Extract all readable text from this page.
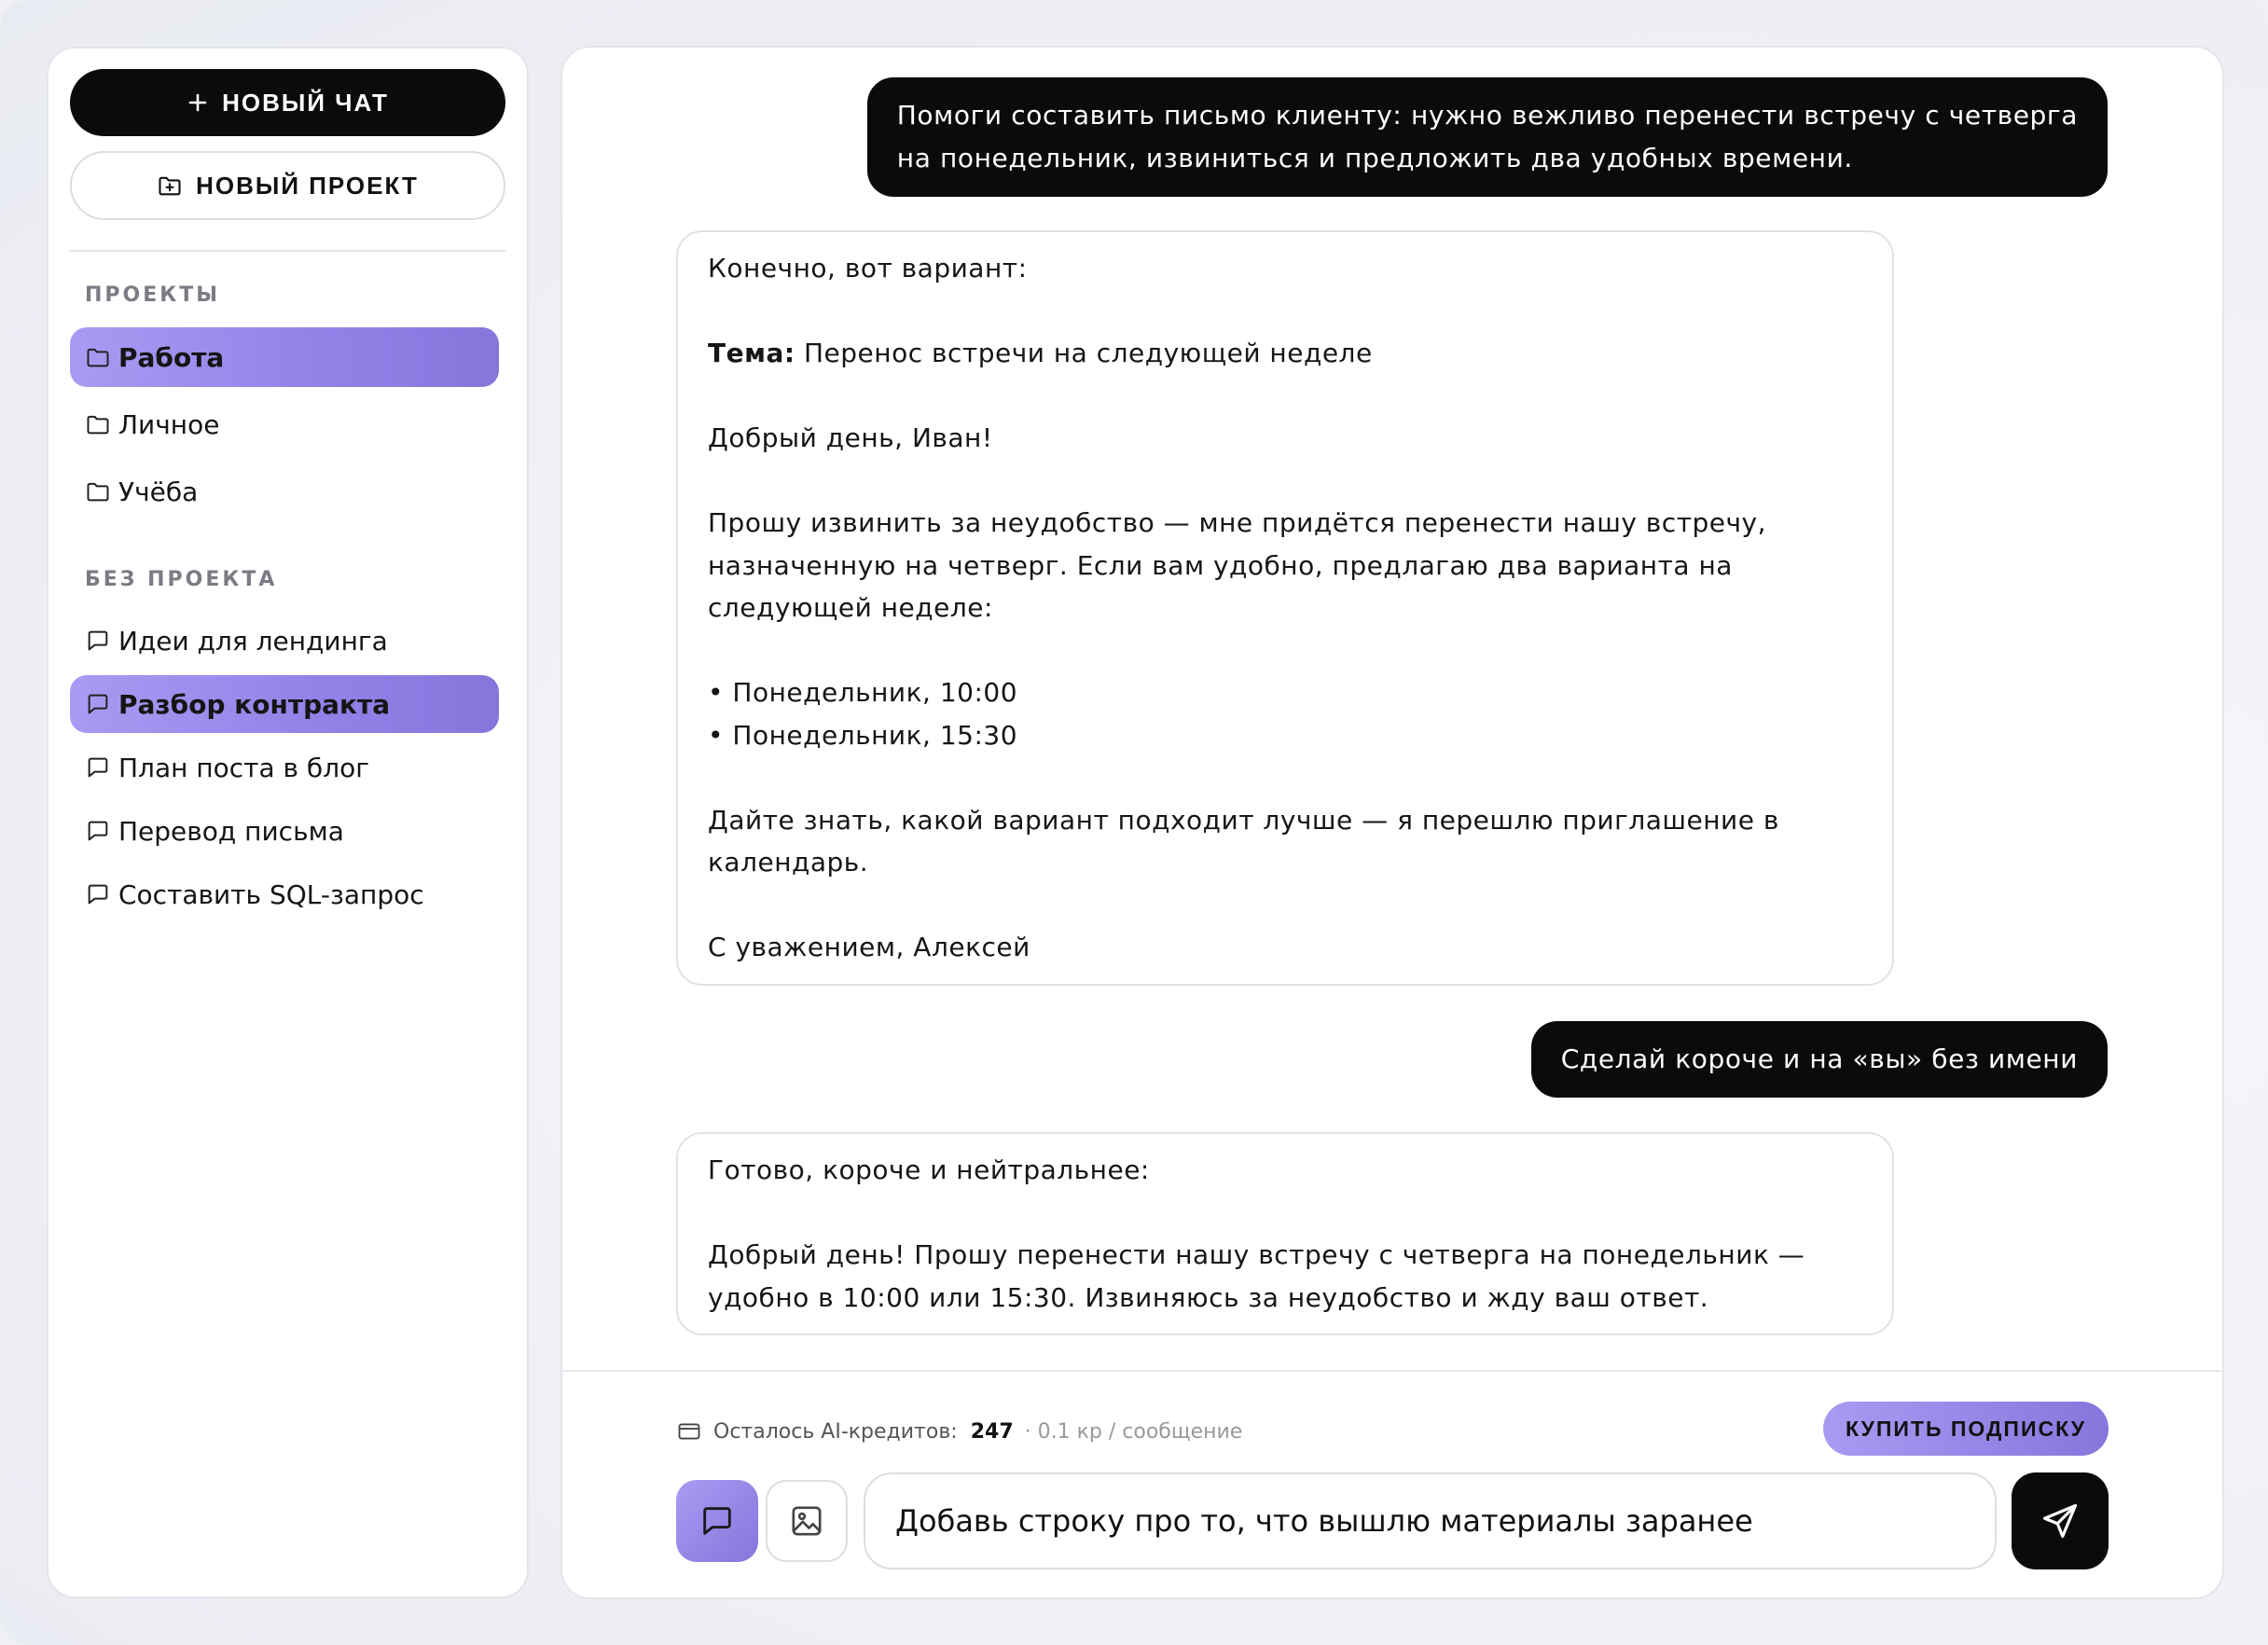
НОВЫЙ ЧАТ
НОВЫЙ ПРОЕКТ
ПРОЕКТЫ
Работа
Личное
Учёба
БЕЗ ПРОЕКТА
Идеи для лендинга
Разбор контракта
План поста в блог
Перевод письма
Составить SQL-запрос
Помоги составить письмо клиенту: нужно вежливо перенести встречу с четверга
на понедельник, извиниться и предложить два удобных времени.

Конечно, вот вариант:

Тема: Перенос встречи на следующей неделе

Добрый день, Иван!

Прошу извинить за неудобство — мне придётся перенести нашу встречу,

назначенную на четверг. Если вам удобно, предлагаю два варианта на

следующей неделе:

• Понедельник, 10:00

• Понедельник, 15:30

Дайте знать, какой вариант подходит лучше — я перешлю приглашение в

календарь.

С уважением, Алексей

Сделай короче и на «вы» без имени

Готово, короче и нейтральнее:

Добрый день! Прошу перенести нашу встречу с четверга на понедельник —

удобно в 10:00 или 15:30. Извиняюсь за неудобство и жду ваш ответ.

Осталось AI-кредитов: 247 · 0.1 кр / сообщение	КУПИТЬ ПОДПИСКУ
Добавь строку про то, что вышлю материалы заранее
